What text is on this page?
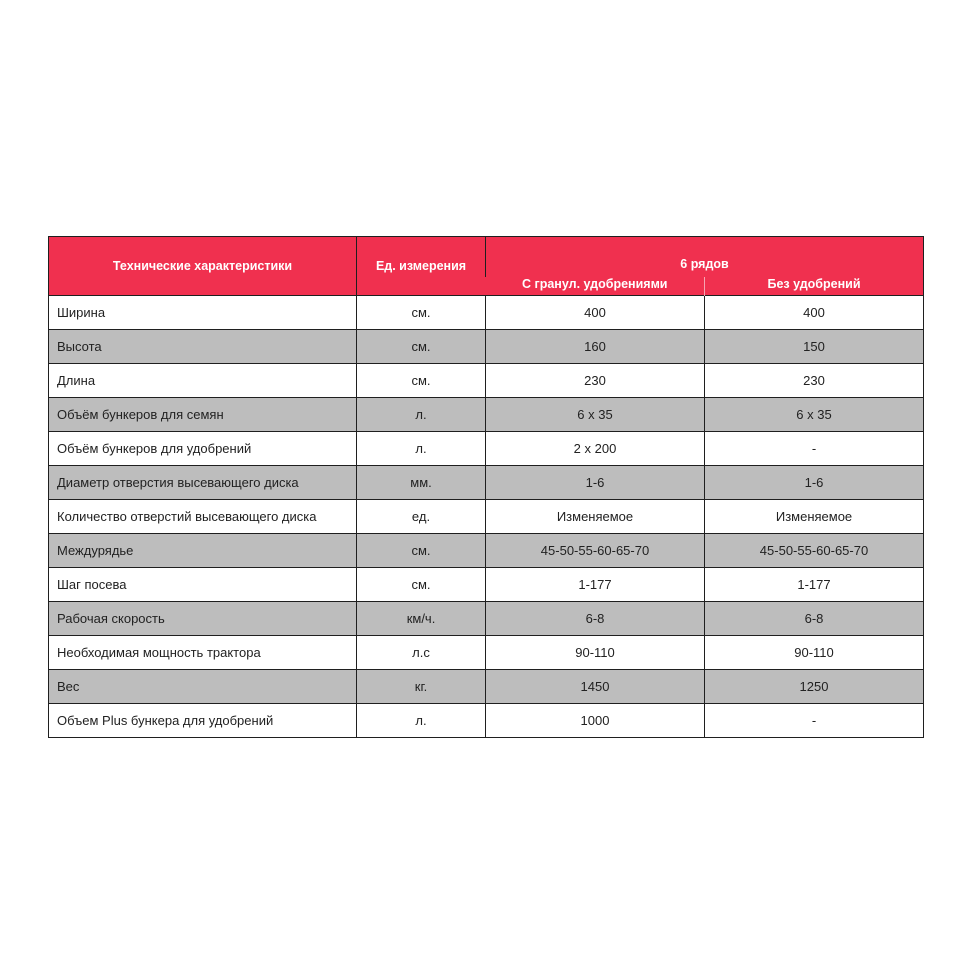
Технические характеристики	Ед. измерения	6 рядов	
		С гранул. удобрениями	Без удобрений
Ширина	см.	400	400
Высота	см.	160	150
Длина	см.	230	230
Объём бункеров для семян	л.	6 x 35	6 x 35
Объём бункеров для удобрений	л.	2 x 200	-
Диаметр отверстия высевающего диска	мм.	1-6	1-6
Количество отверстий высевающего диска	ед.	Изменяемое	Изменяемое
Междурядье	см.	45-50-55-60-65-70	45-50-55-60-65-70
Шаг посева	см.	1-177	1-177
Рабочая скорость	км/ч.	6-8	6-8
Необходимая мощность трактора	л.с	90-110	90-110
Вес	кг.	1450	1250
Объем Plus бункера для удобрений	л.	1000	-
